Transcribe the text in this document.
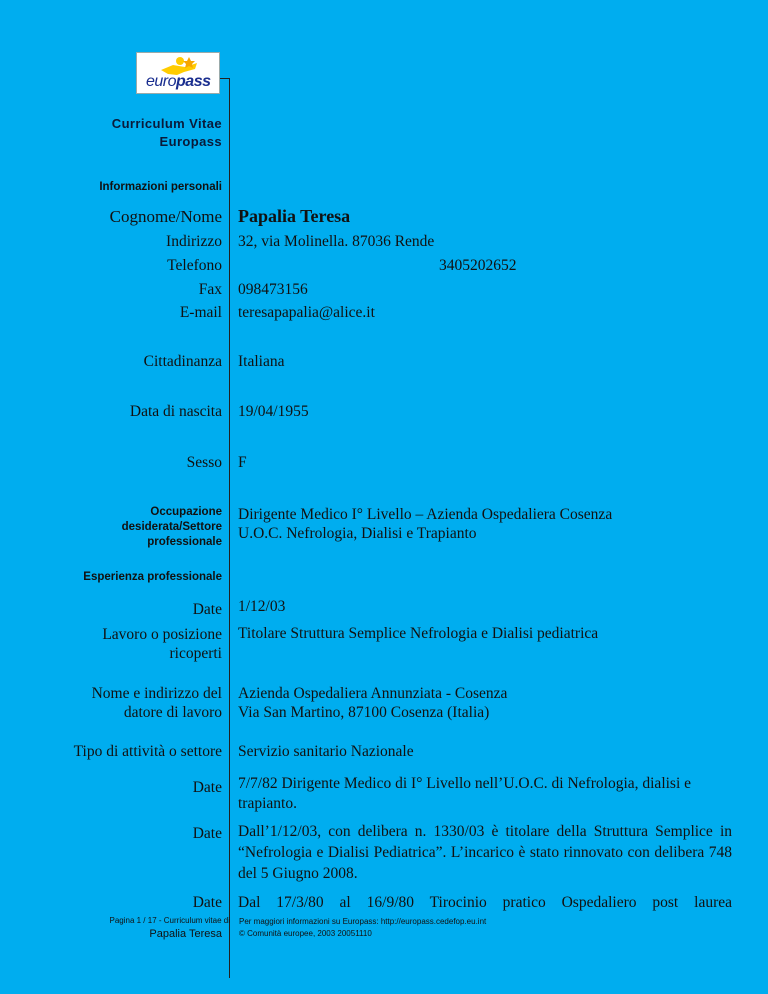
europass
Curriculum Vitae
Europass
Informazioni personali
Cognome/Nome Papalia Teresa
Indirizzo 32, via Molinella. 87036 Rende
Telefono	3405202652
Fax 098473156
E-mail teresapapalia@alice.it
Cittadinanza Italiana
Data di nascita 19/04/1955
Sesso F
Occupazione
desiderata/Settore
professionale
Dirigente Medico I° Livello – Azienda Ospedaliera Cosenza
U.O.C. Nefrologia, Dialisi e Trapianto
Esperienza professionale
Date 1/12/03
Lavoro o posizione
ricoperti
Titolare Struttura Semplice Nefrologia e Dialisi pediatrica
Nome e indirizzo del
datore di lavoro
Azienda Ospedaliera Annunziata - Cosenza
Via San Martino, 87100 Cosenza (Italia)
Tipo di attività o settore Servizio sanitario Nazionale
Date 7/7/82 Dirigente Medico di I° Livello nell’U.O.C. di Nefrologia, dialisi e trapianto.
Date Dall’1/12/03, con delibera n. 1330/03 è titolare della Struttura Semplice in “Nefrologia e Dialisi Pediatrica”. L’incarico è stato rinnovato con delibera 748 del 5 Giugno 2008.
Date Dal 17/3/80 al 16/9/80 Tirocinio pratico Ospedaliero post laurea
Pagina 1 / 17 - Curriculum vitae di
Papalia Teresa
Per maggiori informazioni su Europass: http://europass.cedefop.eu.int
© Comunità europee, 2003 20051110
